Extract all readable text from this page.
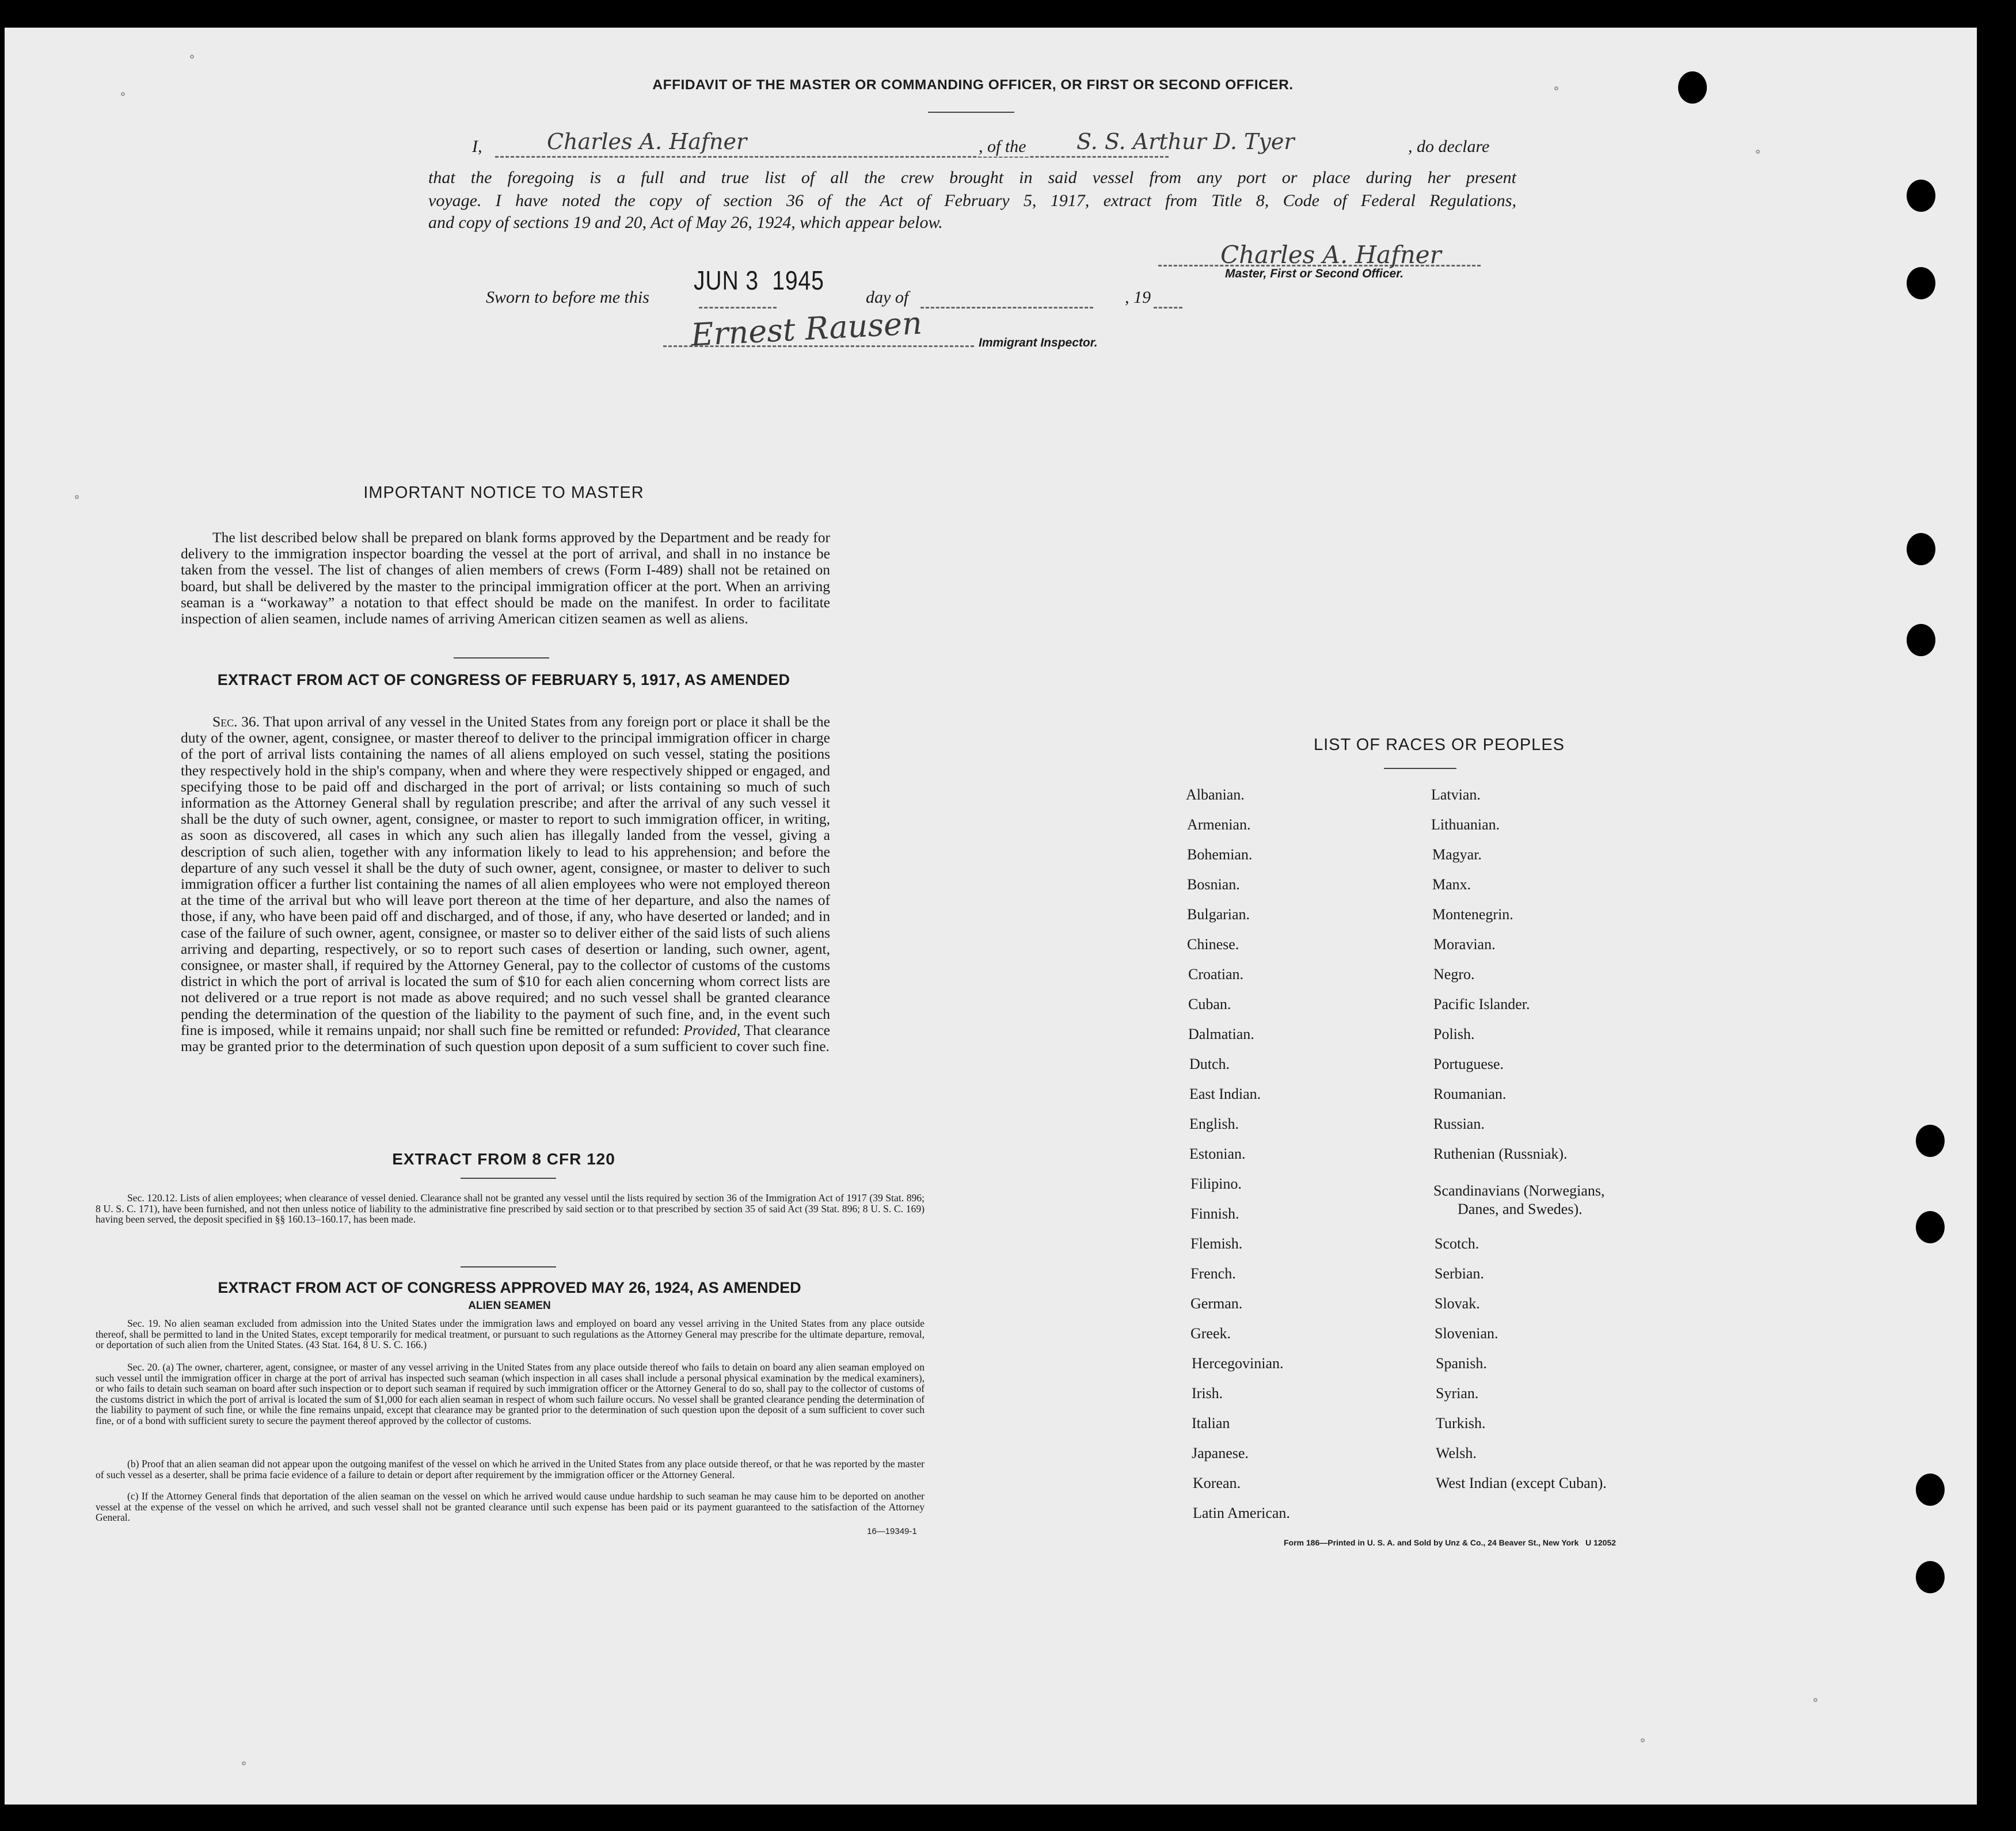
AFFIDAVIT OF THE MASTER OR COMMANDING OFFICER, OR FIRST OR SECOND OFFICER.
I,	Charles A. Hafner	, of the S. S. Arthur D. Tyer	, do declare
that the foregoing is a full and true list of all the crew brought in said vessel from any port or place during her present
voyage. I have noted the copy of section 36 of the Act of February 5, 1917, extract from Title 8, Code of Federal Regulations,
and copy of sections 19 and 20, Act of May 26, 1924, which appear below.
Charles A. Hafner
Master, First or Second Officer.
JUN 3  1945
Sworn to before me this	day of	, 19
Ernest Rausen	Immigrant Inspector.
IMPORTANT NOTICE TO MASTER
The list described below shall be prepared on blank forms approved by the Department and be ready for delivery to the immigration inspector boarding the vessel at the port of arrival, and shall in no instance be taken from the vessel. The list of changes of alien members of crews (Form I-489) shall not be retained on board, but shall be delivered by the master to the principal immigration officer at the port. When an arriving seaman is a “workaway” a notation to that effect should be made on the manifest. In order to facilitate inspection of alien seamen, include names of arriving American citizen seamen as well as aliens.
EXTRACT FROM ACT OF CONGRESS OF FEBRUARY 5, 1917, AS AMENDED
Sec. 36. That upon arrival of any vessel in the United States from any foreign port or place it shall be the duty of the owner, agent, consignee, or master thereof to deliver to the principal immigration officer in charge of the port of arrival lists containing the names of all aliens employed on such vessel, stating the positions they respectively hold in the ship's company, when and where they were respectively shipped or engaged, and specifying those to be paid off and discharged in the port of arrival; or lists containing so much of such information as the Attorney General shall by regulation prescribe; and after the arrival of any such vessel it shall be the duty of such owner, agent, consignee, or master to report to such immigration officer, in writing, as soon as discovered, all cases in which any such alien has illegally landed from the vessel, giving a description of such alien, together with any information likely to lead to his apprehension; and before the departure of any such vessel it shall be the duty of such owner, agent, consignee, or master to deliver to such immigration officer a further list containing the names of all alien employees who were not employed thereon at the time of the arrival but who will leave port thereon at the time of her departure, and also the names of those, if any, who have been paid off and discharged, and of those, if any, who have deserted or landed; and in case of the failure of such owner, agent, consignee, or master so to deliver either of the said lists of such aliens arriving and departing, respectively, or so to report such cases of desertion or landing, such owner, agent, consignee, or master shall, if required by the Attorney General, pay to the collector of customs of the customs district in which the port of arrival is located the sum of $10 for each alien concerning whom correct lists are not delivered or a true report is not made as above required; and no such vessel shall be granted clearance pending the determination of the question of the liability to the payment of such fine, and, in the event such fine is imposed, while it remains unpaid; nor shall such fine be remitted or refunded: Provided, That clearance may be granted prior to the determination of such question upon deposit of a sum sufficient to cover such fine.
EXTRACT FROM 8 CFR 120
Sec. 120.12. Lists of alien employees; when clearance of vessel denied. Clearance shall not be granted any vessel until the lists required by section 36 of the Immigration Act of 1917 (39 Stat. 896; 8 U. S. C. 171), have been furnished, and not then unless notice of liability to the administrative fine prescribed by said section or to that prescribed by section 35 of said Act (39 Stat. 896; 8 U. S. C. 169) having been served, the deposit specified in §§ 160.13–160.17, has been made.
EXTRACT FROM ACT OF CONGRESS APPROVED MAY 26, 1924, AS AMENDED
ALIEN SEAMEN
Sec. 19. No alien seaman excluded from admission into the United States under the immigration laws and employed on board any vessel arriving in the United States from any place outside thereof, shall be permitted to land in the United States, except temporarily for medical treatment, or pursuant to such regulations as the Attorney General may prescribe for the ultimate departure, removal, or deportation of such alien from the United States. (43 Stat. 164, 8 U. S. C. 166.)
Sec. 20. (a) The owner, charterer, agent, consignee, or master of any vessel arriving in the United States from any place outside thereof who fails to detain on board any alien seaman employed on such vessel until the immigration officer in charge at the port of arrival has inspected such seaman (which inspection in all cases shall include a personal physical examination by the medical examiners), or who fails to detain such seaman on board after such inspection or to deport such seaman if required by such immigration officer or the Attorney General to do so, shall pay to the collector of customs of the customs district in which the port of arrival is located the sum of $1,000 for each alien seaman in respect of whom such failure occurs. No vessel shall be granted clearance pending the determination of the liability to payment of such fine, or while the fine remains unpaid, except that clearance may be granted prior to the determination of such question upon the deposit of a sum sufficient to cover such fine, or of a bond with sufficient surety to secure the payment thereof approved by the collector of customs.
(b) Proof that an alien seaman did not appear upon the outgoing manifest of the vessel on which he arrived in the United States from any place outside thereof, or that he was reported by the master of such vessel as a deserter, shall be prima facie evidence of a failure to detain or deport after requirement by the immigration officer or the Attorney General.
(c) If the Attorney General finds that deportation of the alien seaman on the vessel on which he arrived would cause undue hardship to such seaman he may cause him to be deported on another vessel at the expense of the vessel on which he arrived, and such vessel shall not be granted clearance until such expense has been paid or its payment guaranteed to the satisfaction of the Attorney General.
16—19349-1
LIST OF RACES OR PEOPLES
Albanian.
Armenian.
Bohemian.
Bosnian.
Bulgarian.
Chinese.
Croatian.
Cuban.
Dalmatian.
Dutch.
East Indian.
English.
Estonian.
Filipino.
Finnish.
Flemish.
French.
German.
Greek.
Hercegovinian.
Irish.
Italian
Japanese.
Korean.
Latin American.
Latvian.
Lithuanian.
Magyar.
Manx.
Montenegrin.
Moravian.
Negro.
Pacific Islander.
Polish.
Portuguese.
Roumanian.
Russian.
Ruthenian (Russniak).
Scandinavians (Norwegians,
Danes, and Swedes).
Scotch.
Serbian.
Slovak.
Slovenian.
Spanish.
Syrian.
Turkish.
Welsh.
West Indian (except Cuban).
Form 186—Printed in U. S. A. and Sold by Unz & Co., 24 Beaver St., New York   U 12052
